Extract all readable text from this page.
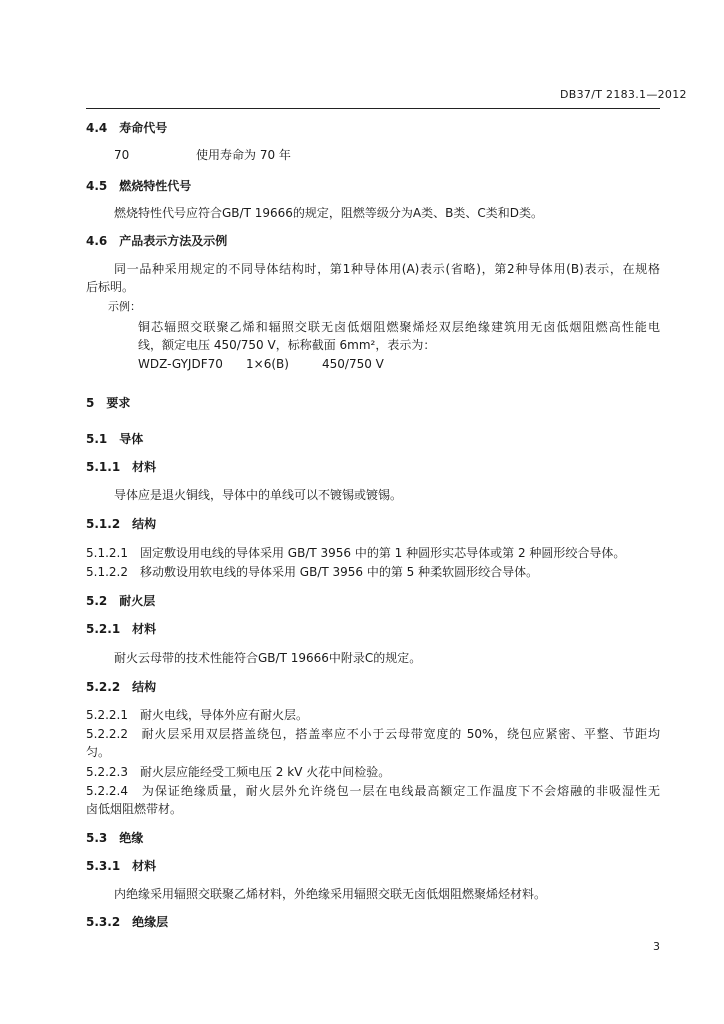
DB37/T 2183.1—2012
4.4　寿命代号
70	使用寿命为 70 年
4.5　燃烧特性代号
燃烧特性代号应符合GB/T 19666的规定，阻燃等级分为A类、B类、C类和D类。
4.6　产品表示方法及示例
同一品种采用规定的不同导体结构时，第1种导体用(A)表示(省略)，第2种导体用(B)表示，在规格
后标明。
示例：
铜芯辐照交联聚乙烯和辐照交联无卤低烟阻燃聚烯烃双层绝缘建筑用无卤低烟阻燃高性能电
线，额定电压 450/750 V，标称截面 6mm²，表示为：
WDZ-GYJDF70 1×6(B)	450/750 V
5　要求
5.1　导体
5.1.1　材料
导体应是退火铜线，导体中的单线可以不镀锡或镀锡。
5.1.2　结构
5.1.2.1　固定敷设用电线的导体采用 GB/T 3956 中的第 1 种圆形实芯导体或第 2 种圆形绞合导体。
5.1.2.2　移动敷设用软电线的导体采用 GB/T 3956 中的第 5 种柔软圆形绞合导体。
5.2　耐火层
5.2.1　材料
耐火云母带的技术性能符合GB/T 19666中附录C的规定。
5.2.2　结构
5.2.2.1　耐火电线，导体外应有耐火层。
5.2.2.2　耐火层采用双层搭盖绕包，搭盖率应不小于云母带宽度的 50%，绕包应紧密、平整、节距均
匀。
5.2.2.3　耐火层应能经受工频电压 2 kV 火花中间检验。
5.2.2.4　为保证绝缘质量，耐火层外允许绕包一层在电线最高额定工作温度下不会熔融的非吸湿性无
卤低烟阻燃带材。
5.3　绝缘
5.3.1　材料
内绝缘采用辐照交联聚乙烯材料，外绝缘采用辐照交联无卤低烟阻燃聚烯烃材料。
5.3.2　绝缘层
3
